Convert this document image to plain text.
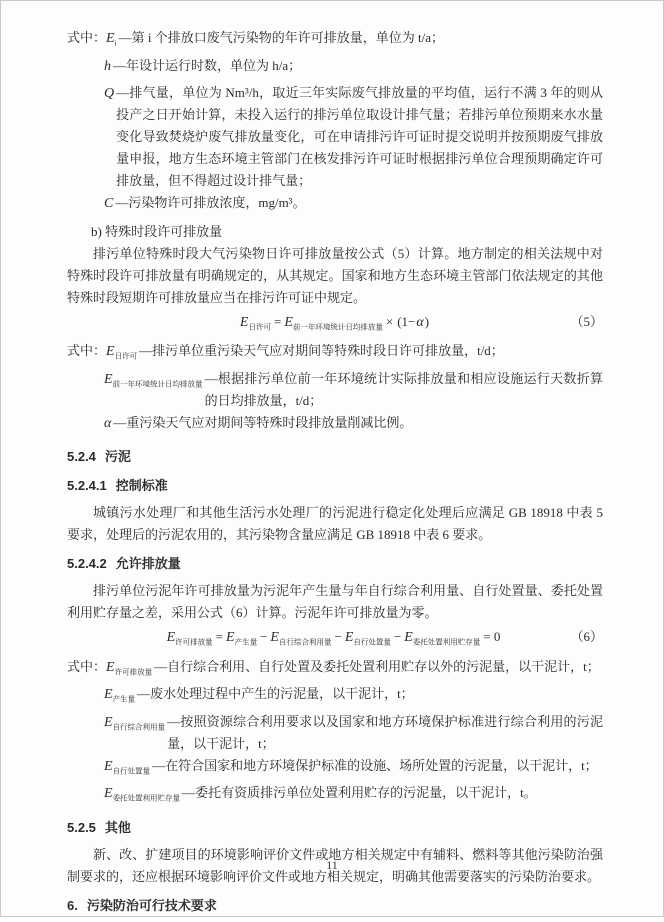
式中： $E_i$ —第 i 个排放口废气污染物的年许可排放量，单位为 t/a；
h —年设计运行时数，单位为 h/a；
Q —排气量，单位为 Nm³/h，取近三年实际废气排放量的平均值，运行不满 3 年的则从投产之日开始计算，未投入运行的排污单位取设计排气量；若排污单位预期来水水量变化导致焚烧炉废气排放量变化，可在申请排污许可证时提交说明并按预期废气排放量申报，地方生态环境主管部门在核发排污许可证时根据排污单位合理预期确定许可排放量，但不得超过设计排气量；
C —污染物许可排放浓度，mg/m³。
b) 特殊时段许可排放量

排污单位特殊时段大气污染物日许可排放量按公式（5）计算。地方制定的相关法规中对特殊时段许可排放量有明确规定的，从其规定。国家和地方生态环境主管部门依法规定的其他特殊时段短期许可排放量应当在排污许可证中规定。

$E_{日许可} = E_{前一年环境统计日均排放量} \times (1-\alpha)$	（5）
式中： $E_{日许可}$ —排污单位重污染天气应对期间等特殊时段日许可排放量，t/d；
$E_{前一年环境统计日均排放量}$ —根据排污单位前一年环境统计实际排放量和相应设施运行天数折算的日均排放量，t/d；
α —重污染天气应对期间等特殊时段排放量削减比例。
5.2.4 污泥
5.2.4.1 控制标准

城镇污水处理厂和其他生活污水处理厂的污泥进行稳定化处理后应满足 GB 18918 中表 5 要求，处理后的污泥农用的，其污染物含量应满足 GB 18918 中表 6 要求。

5.2.4.2 允许排放量

排污单位污泥年许可排放量为污泥年产生量与年自行综合利用量、自行处置量、委托处置利用贮存量之差，采用公式（6）计算。污泥年许可排放量为零。

$E_{许可排放量} = E_{产生量} - E_{自行综合利用量} - E_{自行处置量} - E_{委托处置利用贮存量} = 0$	（6）
式中： $E_{许可排放量}$ —自行综合利用、自行处置及委托处置利用贮存以外的污泥量，以干泥计，t；
$E_{产生量}$ —废水处理过程中产生的污泥量，以干泥计，t；
$E_{自行综合利用量}$ —按照资源综合利用要求以及国家和地方环境保护标准进行综合利用的污泥量，以干泥计，t；
$E_{自行处置量}$ —在符合国家和地方环境保护标准的设施、场所处置的污泥量，以干泥计，t；
$E_{委托处置利用贮存量}$ —委托有资质排污单位处置利用贮存的污泥量，以干泥计，t。
5.2.5 其他

新、改、扩建项目的环境影响评价文件或地方相关规定中有辅料、燃料等其他污染防治强制要求的，还应根据环境影响评价文件或地方相关规定，明确其他需要落实的污染防治要求。

6. 污染防治可行技术要求
11
